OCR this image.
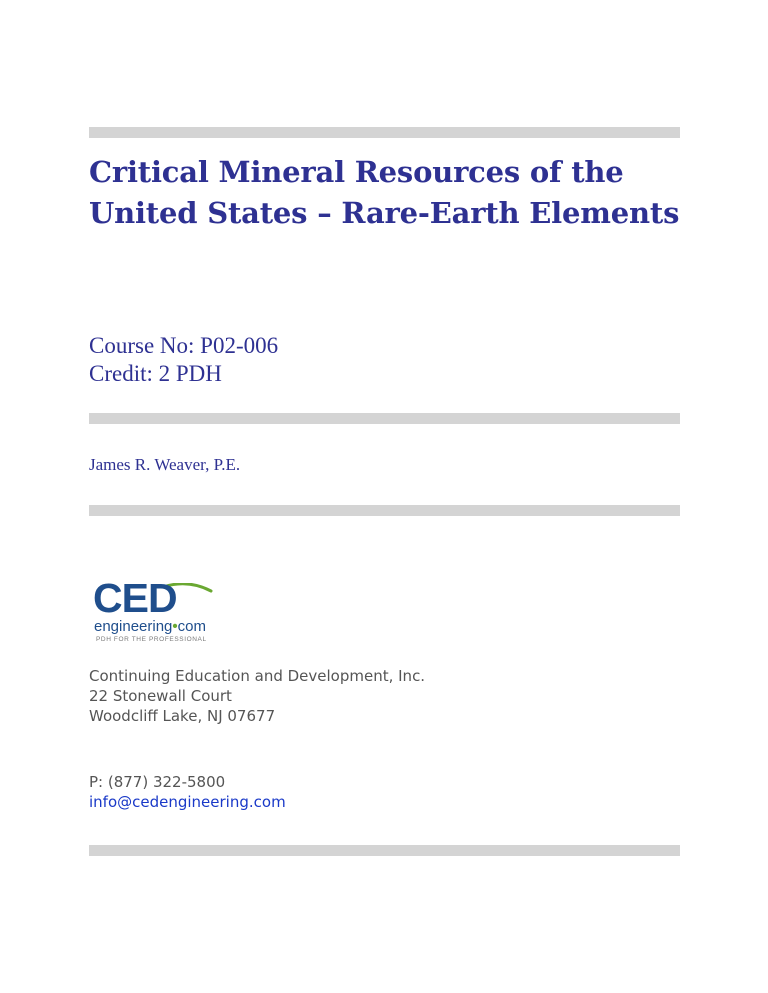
Critical Mineral Resources of the
United States – Rare-Earth Elements
Course No: P02-006
Credit: 2 PDH
James R. Weaver, P.E.
CED
engineering•com
PDH FOR THE PROFESSIONAL
Continuing Education and Development, Inc.
22 Stonewall Court
Woodcliff Lake, NJ 07677
P: (877) 322-5800
info@cedengineering.com
